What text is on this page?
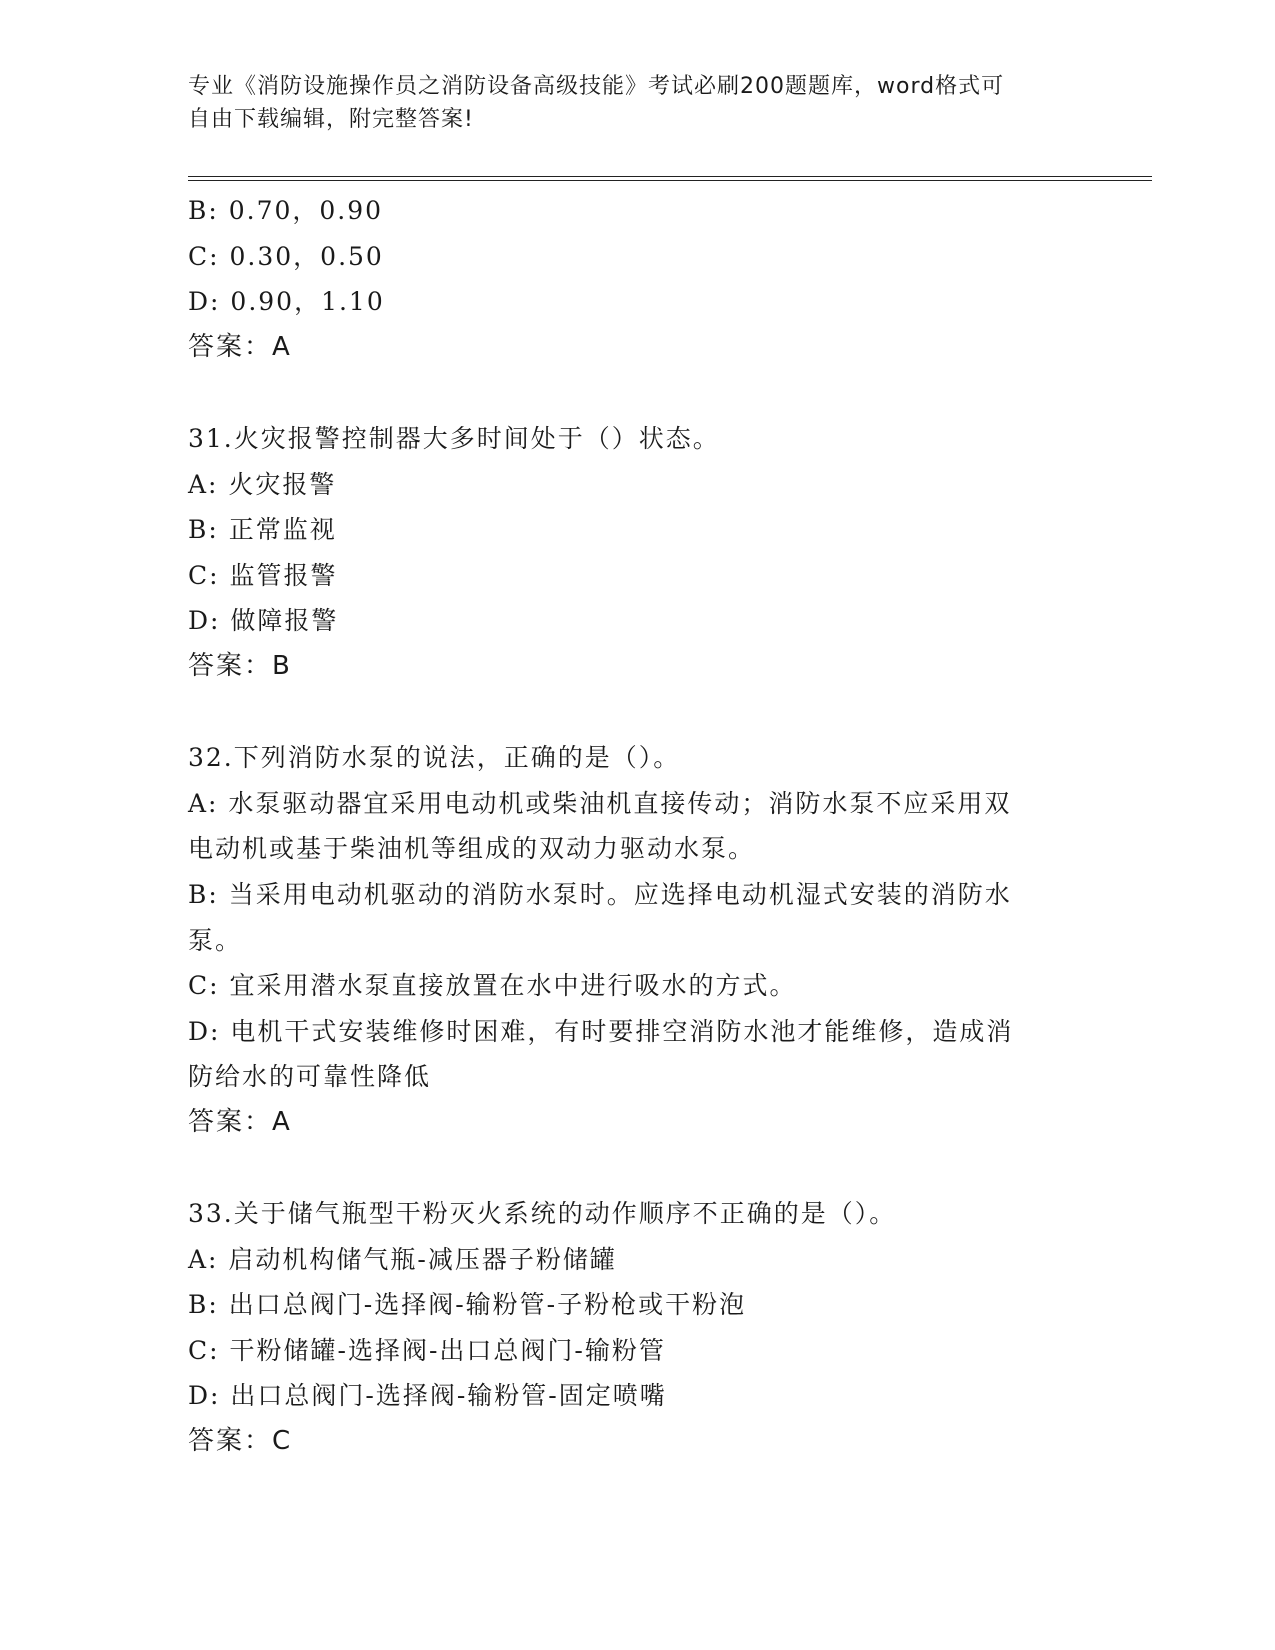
专业《消防设施操作员之消防设备高级技能》考试必刷200题题库，word格式可
自由下载编辑，附完整答案!
B: 0.70，0.90
C: 0.30，0.50
D: 0.90，1.10
答案：A
31.火灾报警控制器大多时间处于（）状态。
A: 火灾报警
B: 正常监视
C: 监管报警
D: 做障报警
答案：B
32.下列消防水泵的说法，正确的是（）。
A: 水泵驱动器宜采用电动机或柴油机直接传动；消防水泵不应采用双
电动机或基于柴油机等组成的双动力驱动水泵。
B: 当采用电动机驱动的消防水泵时。应选择电动机湿式安装的消防水
泵。
C: 宜采用潜水泵直接放置在水中进行吸水的方式。
D: 电机干式安装维修时困难，有时要排空消防水池才能维修，造成消
防给水的可靠性降低
答案：A
33.关于储气瓶型干粉灭火系统的动作顺序不正确的是（）。
A: 启动机构储气瓶-减压器子粉储罐
B: 出口总阀门-选择阀-输粉管-子粉枪或干粉泡
C: 干粉储罐-选择阀-出口总阀门-输粉管
D: 出口总阀门-选择阀-输粉管-固定喷嘴
答案：C
